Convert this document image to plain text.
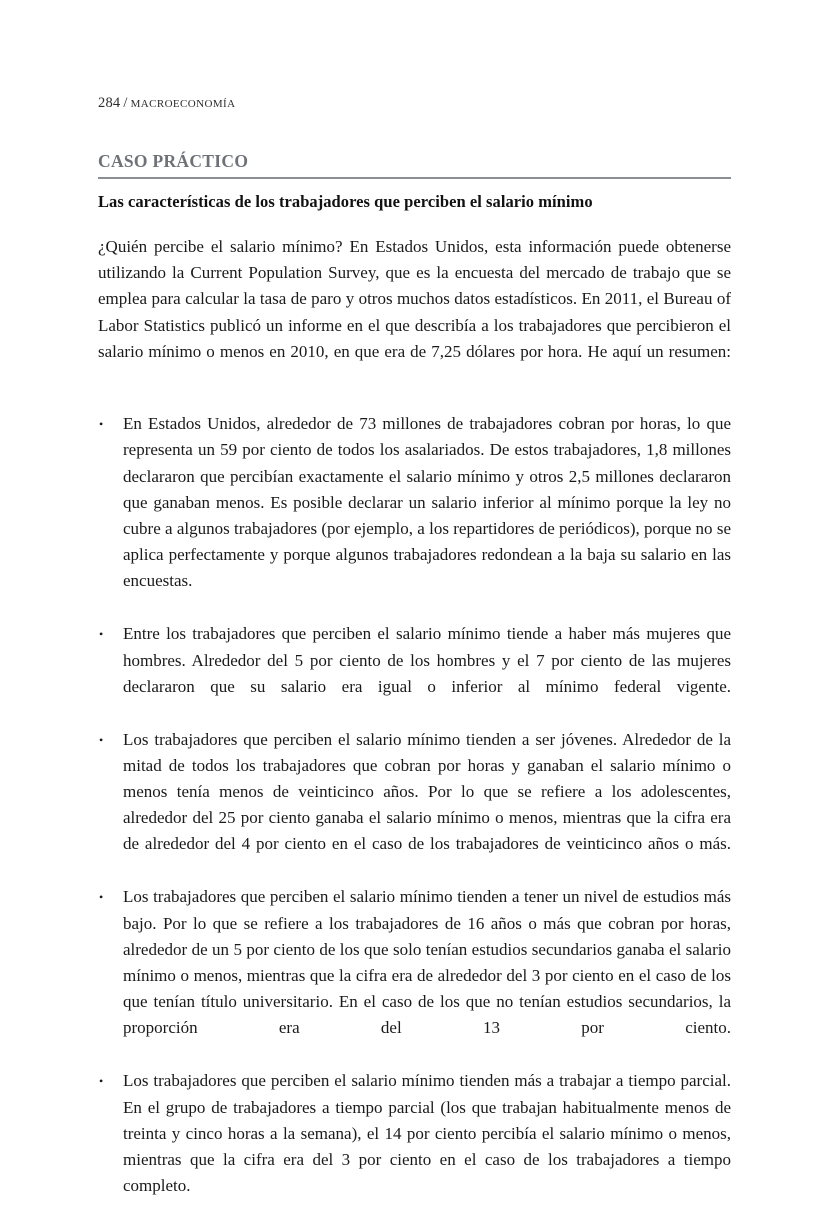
284 / macroeconomía
CASO PRÁCTICO
Las características de los trabajadores que perciben el salario mínimo

¿Quién percibe el salario mínimo? En Estados Unidos, esta información puede obtenerse utilizando la Current Population Survey, que es la encuesta del mercado de trabajo que se emplea para calcular la tasa de paro y otros muchos datos estadísticos. En 2011, el Bureau of Labor Statistics publicó un informe en el que describía a los trabajadores que percibieron el salario mínimo o menos en 2010, en que era de 7,25 dólares por hora. He aquí un resumen:

• En Estados Unidos, alrededor de 73 millones de trabajadores cobran por horas, lo que representa un 59 por ciento de todos los asalariados. De estos trabajadores, 1,8 millones declararon que percibían exactamente el salario mínimo y otros 2,5 millones declararon que ganaban menos. Es posible declarar un salario inferior al mínimo porque la ley no cubre a algunos trabajadores (por ejemplo, a los repartidores de periódicos), porque no se aplica perfectamente y porque algunos trabajadores redondean a la baja su salario en las encuestas.

• Entre los trabajadores que perciben el salario mínimo tiende a haber más mujeres que hombres. Alrededor del 5 por ciento de los hombres y el 7 por ciento de las mujeres declararon que su salario era igual o inferior al mínimo federal vigente.

• Los trabajadores que perciben el salario mínimo tienden a ser jóvenes. Alrededor de la mitad de todos los trabajadores que cobran por horas y ganaban el salario mínimo o menos tenía menos de veinticinco años. Por lo que se refiere a los adolescentes, alrededor del 25 por ciento ganaba el salario mínimo o menos, mientras que la cifra era de alrededor del 4 por ciento en el caso de los trabajadores de veinticinco años o más.

• Los trabajadores que perciben el salario mínimo tienden a tener un nivel de estudios más bajo. Por lo que se refiere a los trabajadores de 16 años o más que cobran por horas, alrededor de un 5 por ciento de los que solo tenían estudios secundarios ganaba el salario mínimo o menos, mientras que la cifra era de alrededor del 3 por ciento en el caso de los que tenían título universitario. En el caso de los que no tenían estudios secundarios, la proporción era del 13 por ciento.

• Los trabajadores que perciben el salario mínimo tienden más a trabajar a tiempo parcial. En el grupo de trabajadores a tiempo parcial (los que trabajan habitualmente menos de treinta y cinco horas a la semana), el 14 por ciento percibía el salario mínimo o menos, mientras que la cifra era del 3 por ciento en el caso de los trabajadores a tiempo completo.
